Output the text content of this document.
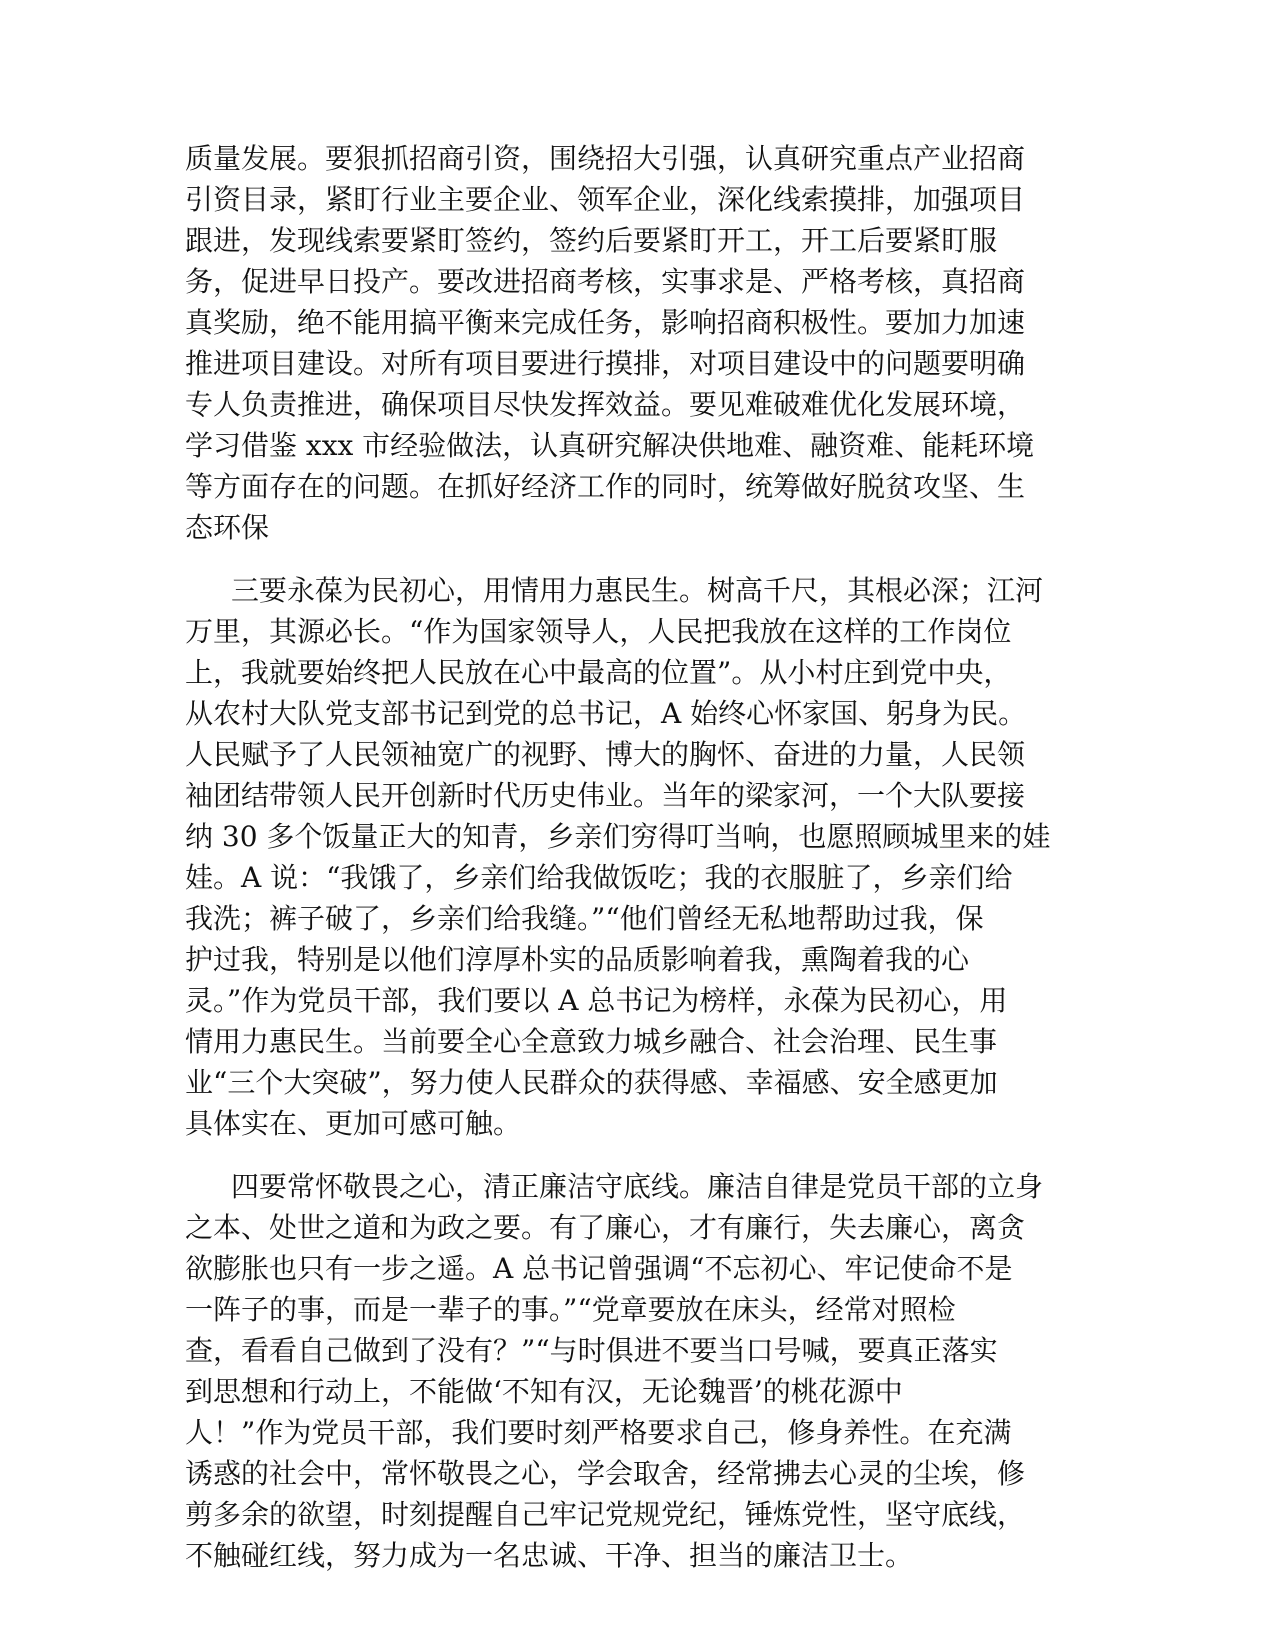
质量发展。要狠抓招商引资，围绕招大引强，认真研究重点产业招商
引资目录，紧盯行业主要企业、领军企业，深化线索摸排，加强项目
跟进，发现线索要紧盯签约，签约后要紧盯开工，开工后要紧盯服
务，促进早日投产。要改进招商考核，实事求是、严格考核，真招商
真奖励，绝不能用搞平衡来完成任务，影响招商积极性。要加力加速
推进项目建设。对所有项目要进行摸排，对项目建设中的问题要明确
专人负责推进，确保项目尽快发挥效益。要见难破难优化发展环境，
学习借鉴 xxx 市经验做法，认真研究解决供地难、融资难、能耗环境
等方面存在的问题。在抓好经济工作的同时，统筹做好脱贫攻坚、生
态环保
三要永葆为民初心，用情用力惠民生。树高千尺，其根必深；江河
万里，其源必长。“作为国家领导人，人民把我放在这样的工作岗位
上，我就要始终把人民放在心中最高的位置”。从小村庄到党中央，
从农村大队党支部书记到党的总书记，A 始终心怀家国、躬身为民。
人民赋予了人民领袖宽广的视野、博大的胸怀、奋进的力量，人民领
袖团结带领人民开创新时代历史伟业。当年的梁家河，一个大队要接
纳 30 多个饭量正大的知青，乡亲们穷得叮当响，也愿照顾城里来的娃
娃。A 说：“我饿了，乡亲们给我做饭吃；我的衣服脏了，乡亲们给
我洗；裤子破了，乡亲们给我缝。”“他们曾经无私地帮助过我，保
护过我，特别是以他们淳厚朴实的品质影响着我，熏陶着我的心
灵。”作为党员干部，我们要以 A 总书记为榜样，永葆为民初心，用
情用力惠民生。当前要全心全意致力城乡融合、社会治理、民生事
业“三个大突破”，努力使人民群众的获得感、幸福感、安全感更加
具体实在、更加可感可触。
四要常怀敬畏之心，清正廉洁守底线。廉洁自律是党员干部的立身
之本、处世之道和为政之要。有了廉心，才有廉行，失去廉心，离贪
欲膨胀也只有一步之遥。A 总书记曾强调“不忘初心、牢记使命不是
一阵子的事，而是一辈子的事。”“党章要放在床头，经常对照检
查，看看自己做到了没有？”“与时俱进不要当口号喊，要真正落实
到思想和行动上，不能做‘不知有汉，无论魏晋’的桃花源中
人！”作为党员干部，我们要时刻严格要求自己，修身养性。在充满
诱惑的社会中，常怀敬畏之心，学会取舍，经常拂去心灵的尘埃，修
剪多余的欲望，时刻提醒自己牢记党规党纪，锤炼党性，坚守底线，
不触碰红线，努力成为一名忠诚、干净、担当的廉洁卫士。
